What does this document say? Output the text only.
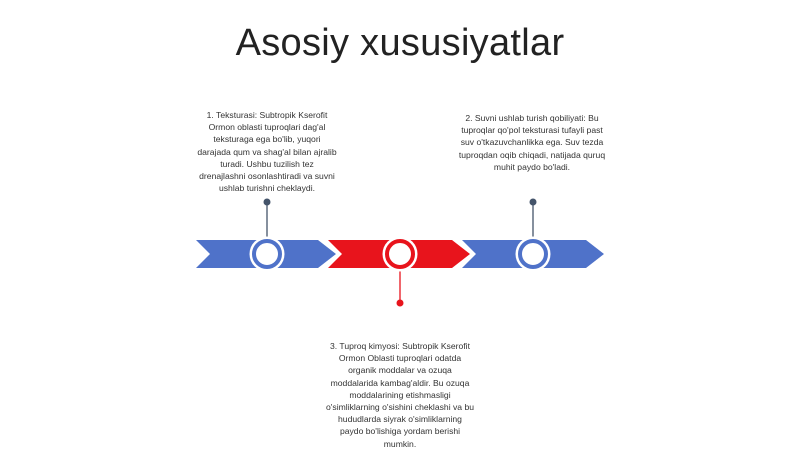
Asosiy xususiyatlar
1. Teksturasi: Subtropik Kserofit Ormon oblasti tuproqlari dag'al teksturaga ega bo'lib, yuqori darajada qum va shag'al bilan ajralib turadi. Ushbu tuzilish tez drenajlashni osonlashtiradi va suvni ushlab turishni cheklaydi.
2. Suvni ushlab turish qobiliyati: Bu tuproqlar qo'pol teksturasi tufayli past suv o'tkazuvchanlikka ega. Suv tezda tuproqdan oqib chiqadi, natijada quruq muhit paydo bo'ladi.
3. Tuproq kimyosi: Subtropik Kserofit Ormon Oblasti tuproqlari odatda organik moddalar va ozuqa moddalarida kambag'aldir. Bu ozuqa moddalarining etishmasligi o'simliklarning o'sishini cheklashi va bu hududlarda siyrak o'simliklarning paydo bo'lishiga yordam berishi mumkin.
